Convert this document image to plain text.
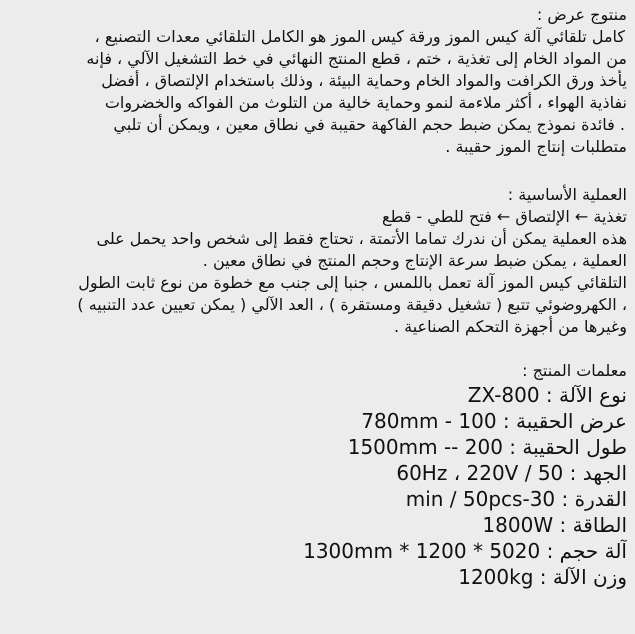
منتوج عرض :
كامل تلقائي آلة كيس الموز ورقة كيس الموز هو الكامل التلقائي معدات التصنيع ،
من المواد الخام إلى تغذية ، ختم ، قطع المنتج النهائي في خط التشغيل الآلي ، فإنه
يأخذ ورق الكرافت والمواد الخام وحماية البيئة ، وذلك باستخدام الإلتصاق ، أفضل
نفاذية الهواء ، أكثر ملاءمة لنمو وحماية خالية من التلوث من الفواكه والخضروات
. فائدة نموذج يمكن ضبط حجم الفاكهة حقيبة في نطاق معين ، ويمكن أن تلبي
متطلبات إنتاج الموز حقيبة .
العملية الأساسية :
تغذية ← الإلتصاق ← فتح للطي - قطع
هذه العملية يمكن أن ندرك تماما الأتمتة ، تحتاج فقط إلى شخص واحد يحمل على
العملية ، يمكن ضبط سرعة الإنتاج وحجم المنتج في نطاق معين .
التلقائي كيس الموز آلة تعمل باللمس ، جنبا إلى جنب مع خطوة من نوع ثابت الطول
، الكهروضوئي تتبع ( تشغيل دقيقة ومستقرة ) ، العد الآلي ( يمكن تعيين عدد التنبيه )
وغيرها من أجهزة التحكم الصناعية .
معلمات المنتج :
نوع الآلة : ZX-800
عرض الحقيبة : 100 - 780mm
طول الحقيبة : 200 -- 1500mm
الجهد : 50 / 60Hz ، 220V
القدرة : 30-min / 50pcs
الطاقة : 1800W
آلة حجم : 5020 * 1200 * 1300mm
وزن الآلة : 1200kg
